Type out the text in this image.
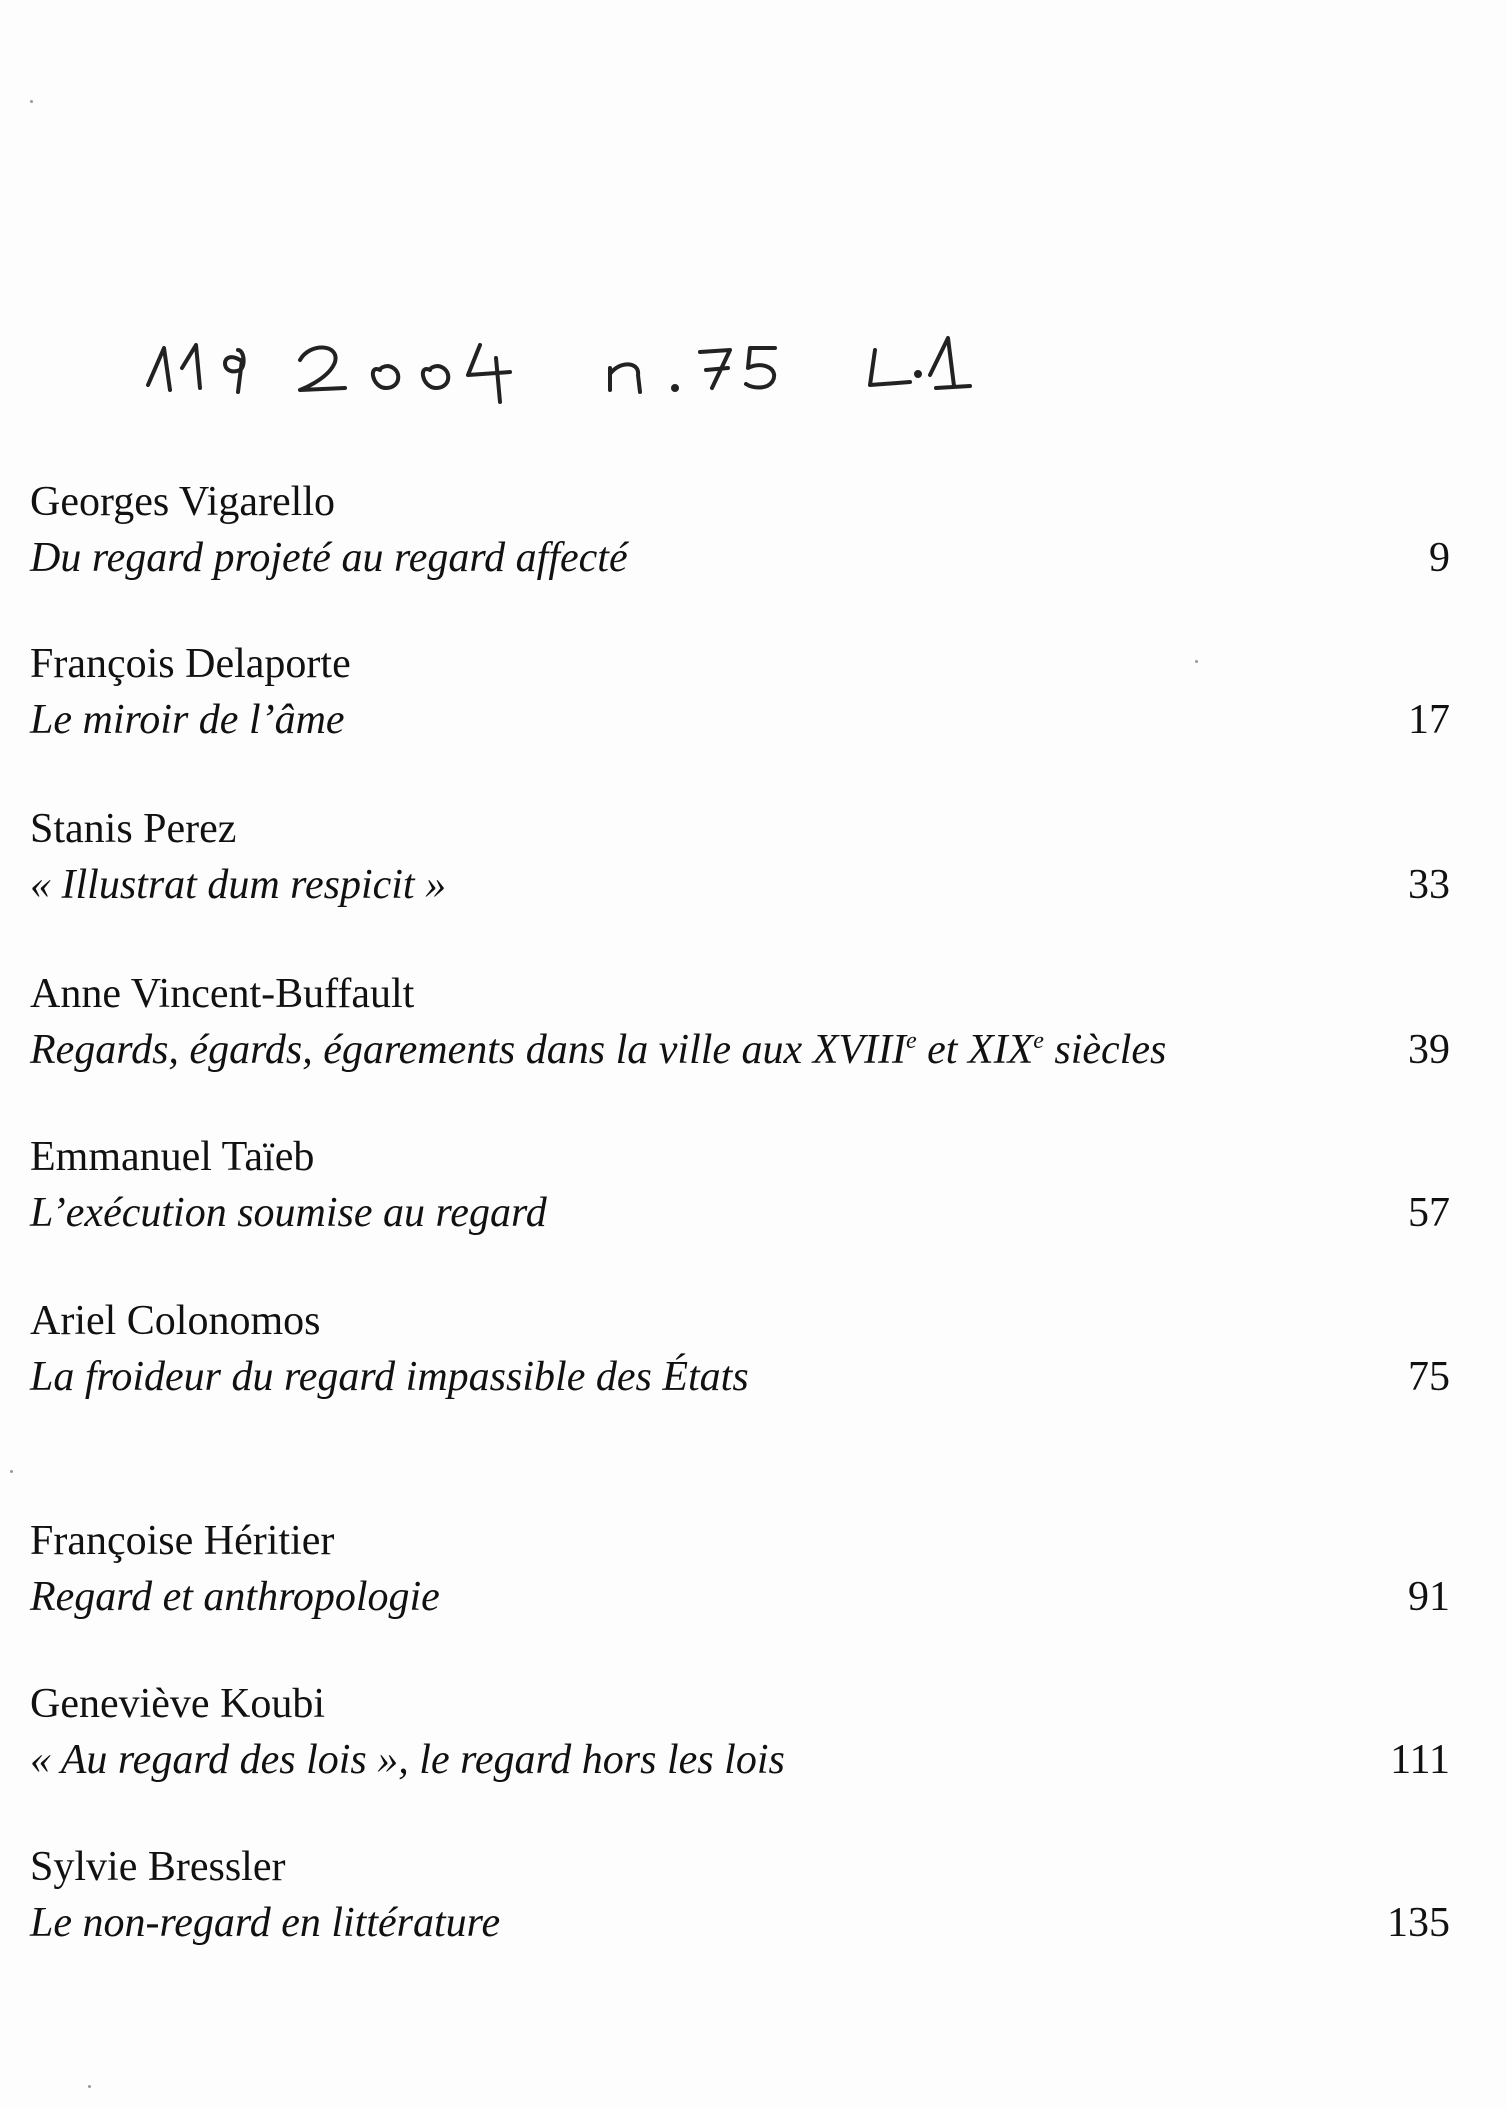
Georges Vigarello
Du regard projeté au regard affecté	9
François Delaporte
Le miroir de l’âme	17
Stanis Perez
« Illustrat dum respicit »	33
Anne Vincent-Buffault
Regards, égards, égarements dans la ville aux XVIIIe et XIXe siècles	39
Emmanuel Taïeb
L’exécution soumise au regard	57
Ariel Colonomos
La froideur du regard impassible des États	75
Françoise Héritier
Regard et anthropologie	91
Geneviève Koubi
« Au regard des lois », le regard hors les lois	111
Sylvie Bressler
Le non-regard en littérature	135
